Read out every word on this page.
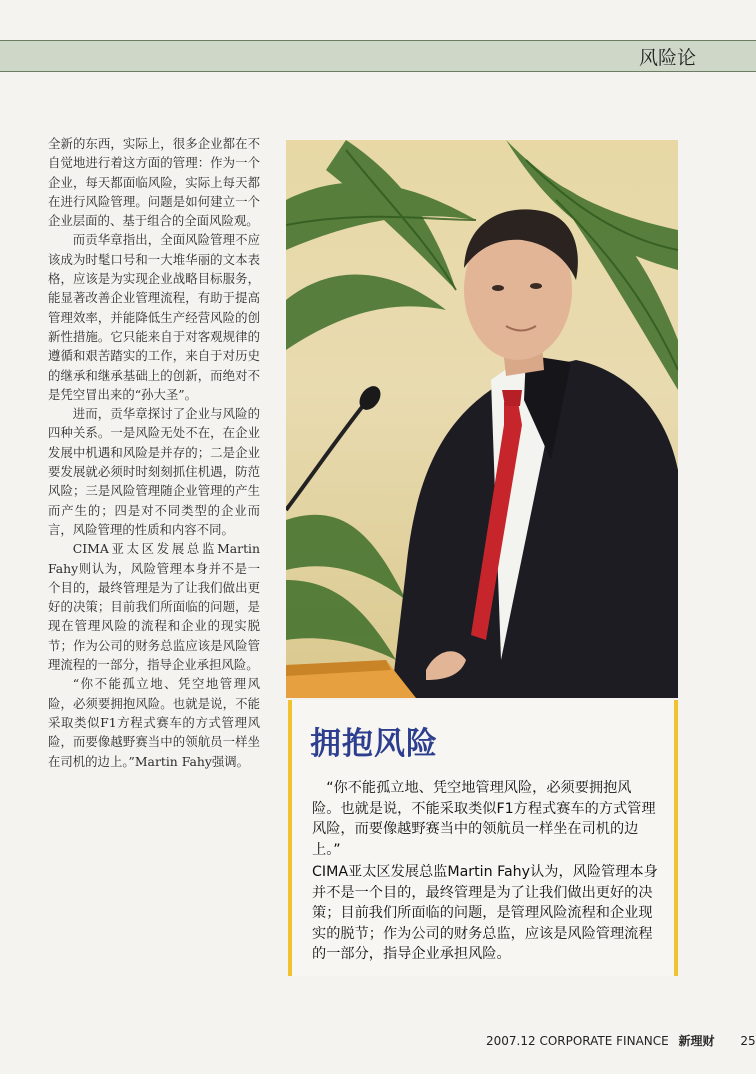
风险论

全新的东西，实际上，很多企业都在不自觉地进行着这方面的管理：作为一个企业，每天都面临风险，实际上每天都在进行风险管理。问题是如何建立一个企业层面的、基于组合的全面风险观。

而贡华章指出，全面风险管理不应该成为时髦口号和一大堆华丽的文本表格，应该是为实现企业战略目标服务，能显著改善企业管理流程，有助于提高管理效率，并能降低生产经营风险的创新性措施。它只能来自于对客观规律的遵循和艰苦踏实的工作，来自于对历史的继承和继承基础上的创新，而绝对不是凭空冒出来的“孙大圣”。

进而，贡华章探讨了企业与风险的四种关系。一是风险无处不在，在企业发展中机遇和风险是并存的；二是企业要发展就必须时时刻刻抓住机遇，防范风险；三是风险管理随企业管理的产生而产生的；四是对不同类型的企业而言，风险管理的性质和内容不同。

CIMA亚太区发展总监Martin Fahy则认为，风险管理本身并不是一个目的，最终管理是为了让我们做出更好的决策；目前我们所面临的问题，是现在管理风险的流程和企业的现实脱节；作为公司的财务总监应该是风险管理流程的一部分，指导企业承担风险。

“你不能孤立地、凭空地管理风险，必须要拥抱风险。也就是说，不能采取类似F1方程式赛车的方式管理风险，而要像越野赛当中的领航员一样坐在司机的边上。”Martin Fahy强调。	拥抱风险
“你不能孤立地、凭空地管理风险，必须要拥抱风险。也就是说，不能采取类似F1方程式赛车的方式管理风险，而要像越野赛当中的领航员一样坐在司机的边上。”
CIMA亚太区发展总监Martin Fahy认为，风险管理本身并不是一个目的，最终管理是为了让我们做出更好的决策；目前我们所面临的问题，是管理风险流程和企业现实的脱节；作为公司的财务总监，应该是风险管理流程的一部分，指导企业承担风险。
2007.12 CORPORATE FINANCE 新理财 25
